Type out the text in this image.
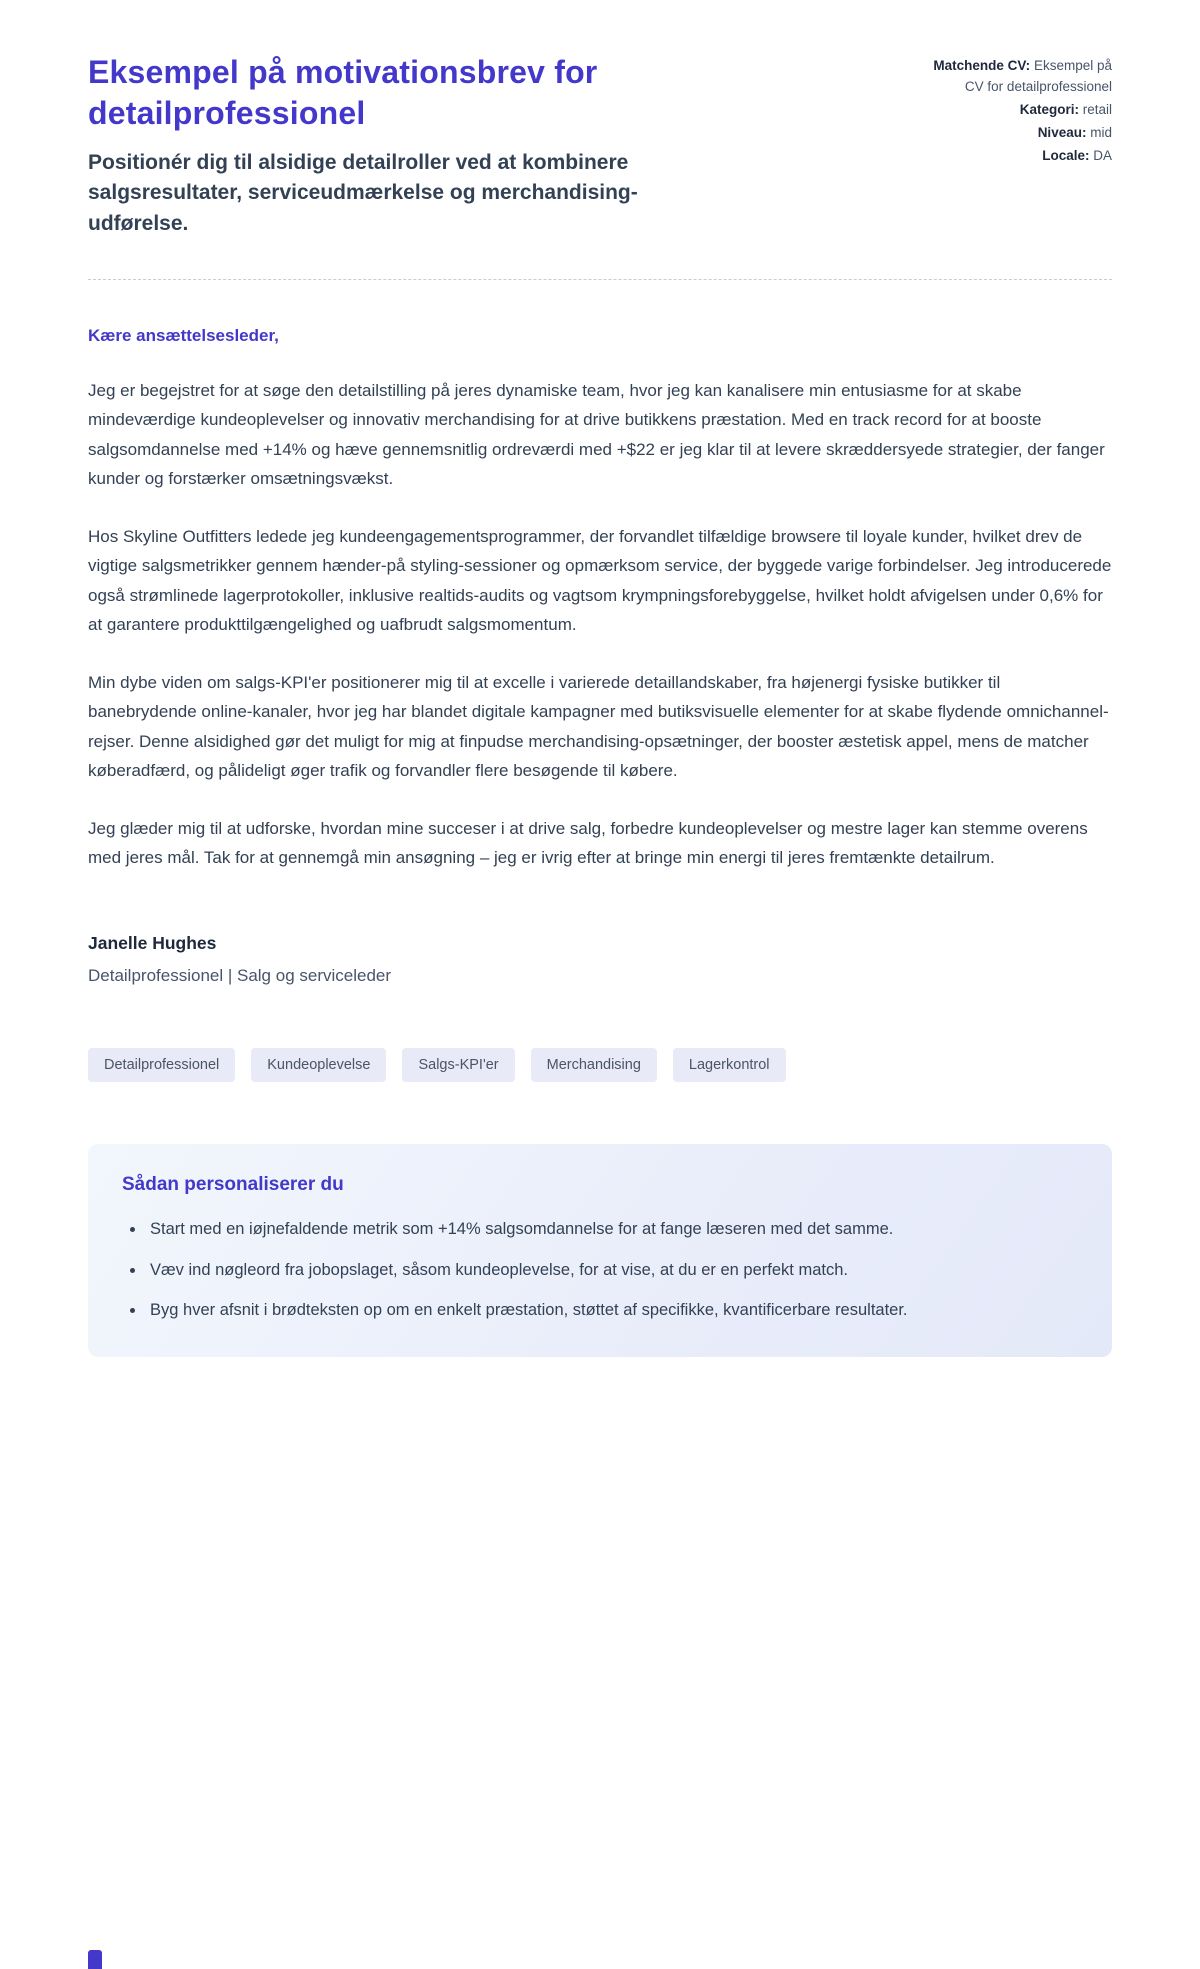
Eksempel på motivationsbrev for detailprofessionel

Positionér dig til alsidige detailroller ved at kombinere salgsresultater, serviceudmærkelse og merchandising-udførelse.

Matchende CV: Eksempel på CV for detailprofessionel
Kategori: retail
Niveau: mid
Locale: DA

Kære ansættelsesleder,

Jeg er begejstret for at søge den detailstilling på jeres dynamiske team, hvor jeg kan kanalisere min entusiasme for at skabe mindeværdige kundeoplevelser og innovativ merchandising for at drive butikkens præstation. Med en track record for at booste salgsomdannelse med +14% og hæve gennemsnitlig ordreværdi med +$22 er jeg klar til at levere skræddersyede strategier, der fanger kunder og forstærker omsætningsvækst.

Hos Skyline Outfitters ledede jeg kundeengagementsprogrammer, der forvandlet tilfældige browsere til loyale kunder, hvilket drev de vigtige salgsmetrikker gennem hænder-på styling-sessioner og opmærksom service, der byggede varige forbindelser. Jeg introducerede også strømlinede lagerprotokoller, inklusive realtids-audits og vagtsom krympningsforebyggelse, hvilket holdt afvigelsen under 0,6% for at garantere produkttilgængelighed og uafbrudt salgsmomentum.

Min dybe viden om salgs-KPI'er positionerer mig til at excelle i varierede detaillandskaber, fra højenergi fysiske butikker til banebrydende online-kanaler, hvor jeg har blandet digitale kampagner med butiksvisuelle elementer for at skabe flydende omnichannel-rejser. Denne alsidighed gør det muligt for mig at finpudse merchandising-opsætninger, der booster æstetisk appel, mens de matcher køberadfærd, og pålideligt øger trafik og forvandler flere besøgende til købere.

Jeg glæder mig til at udforske, hvordan mine succeser i at drive salg, forbedre kundeoplevelser og mestre lager kan stemme overens med jeres mål. Tak for at gennemgå min ansøgning – jeg er ivrig efter at bringe min energi til jeres fremtænkte detailrum.

Janelle Hughes

Detailprofessionel | Salg og serviceleder

Detailprofessionel	Kundeoplevelse	Salgs-KPI'er	Merchandising	Lagerkontrol
Sådan personaliserer du
• Start med en iøjnefaldende metrik som +14% salgsomdannelse for at fange læseren med det samme.
• Væv ind nøgleord fra jobopslaget, såsom kundeoplevelse, for at vise, at du er en perfekt match.
• Byg hver afsnit i brødteksten op om en enkelt præstation, støttet af specifikke, kvantificerbare resultater.
